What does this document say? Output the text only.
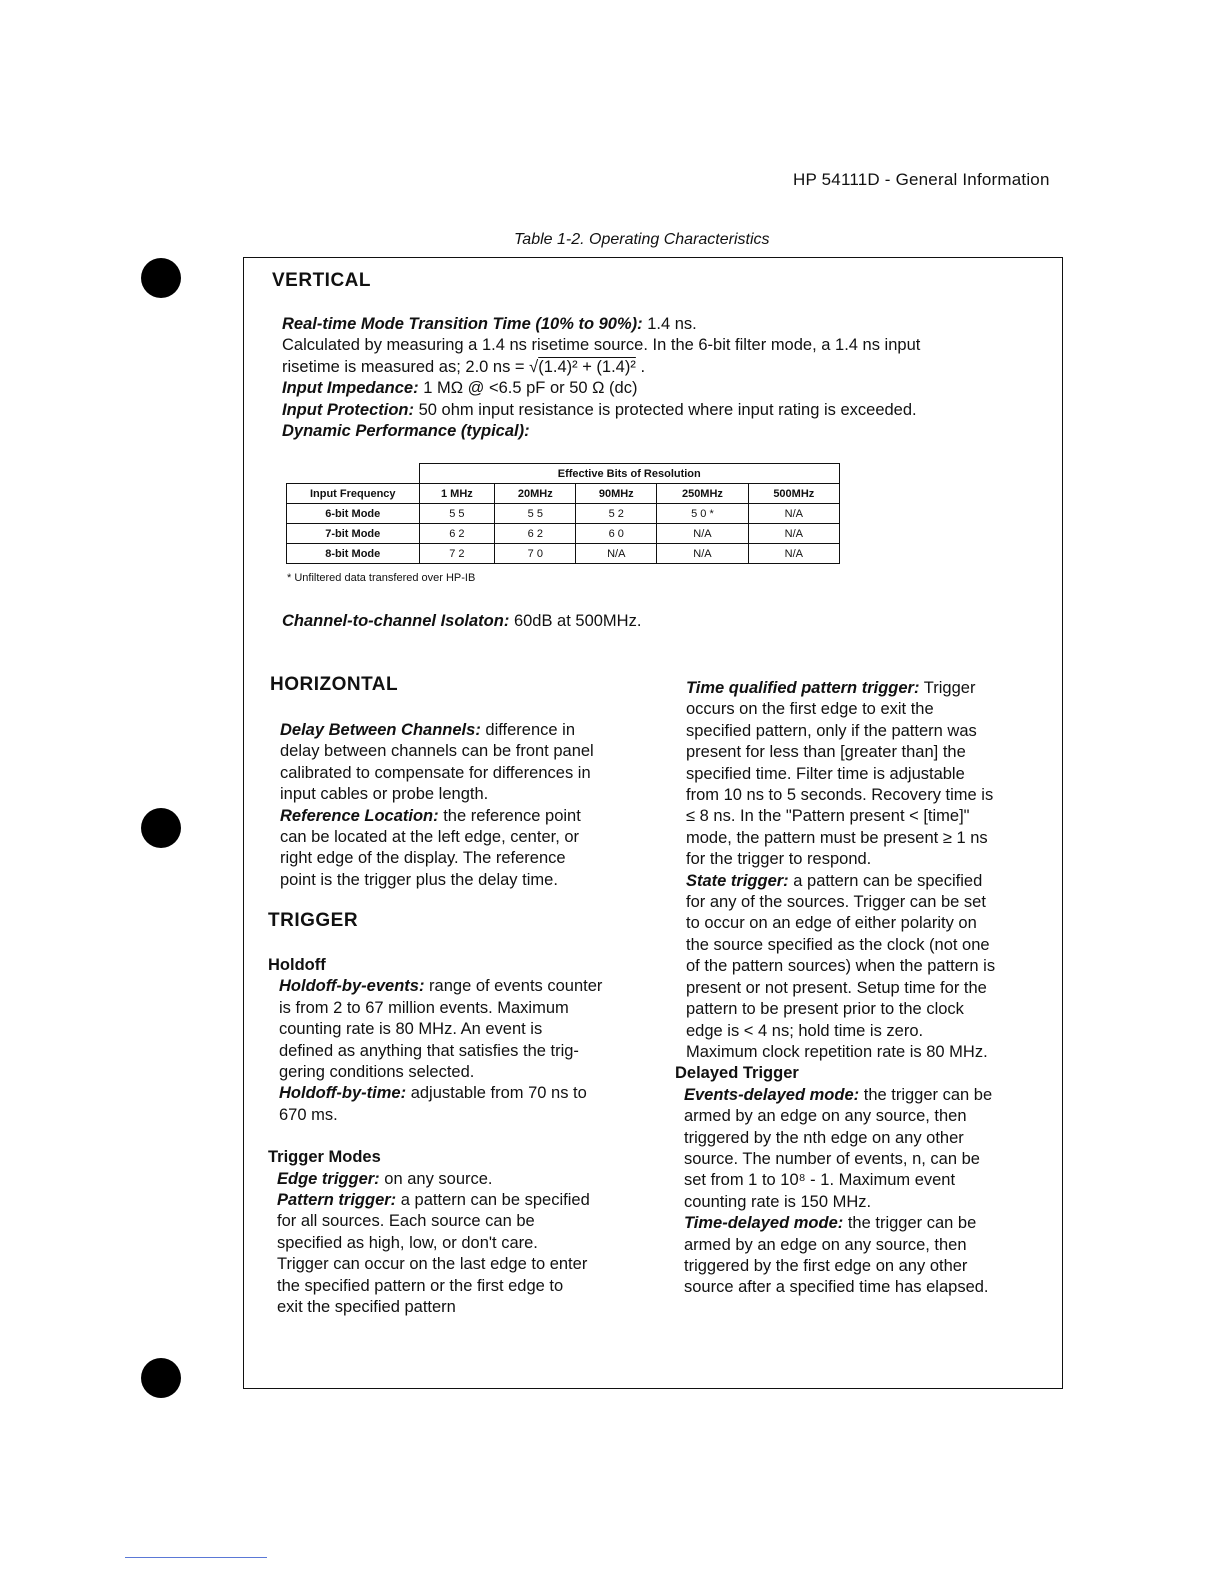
HP 54111D - General Information
Table 1-2. Operating Characteristics
VERTICAL

Real-time Mode Transition Time (10% to 90%): 1.4 ns.

Calculated by measuring a 1.4 ns risetime source. In the 6-bit filter mode, a 1.4 ns input

risetime is measured as; 2.0 ns = √(1.4)² + (1.4)² .

Input Impedance: 1 MΩ @ <6.5 pF or 50 Ω (dc)

Input Protection: 50 ohm input resistance is protected where input rating is exceeded.

Dynamic Performance (typical):

	Effective Bits of Resolution				
Input Frequency	1 MHz	20MHz	90MHz	250MHz	500MHz
6-bit Mode	5 5	5 5	5 2	5 0 *	N/A
7-bit Mode	6 2	6 2	6 0	N/A	N/A
8-bit Mode	7 2	7 0	N/A	N/A	N/A
* Unfiltered data transfered over HP-IB
Channel-to-channel Isolaton: 60dB at 500MHz.
HORIZONTAL

Delay Between Channels: difference in

delay between channels can be front panel

calibrated to compensate for differences in

input cables or probe length.

Reference Location: the reference point

can be located at the left edge, center, or

right edge of the display. The reference

point is the trigger plus the delay time.

TRIGGER

Holdoff

Holdoff-by-events: range of events counter

is from 2 to 67 million events. Maximum

counting rate is 80 MHz. An event is

defined as anything that satisfies the trig-

gering conditions selected.

Holdoff-by-time: adjustable from 70 ns to

670 ms.

Trigger Modes

Edge trigger: on any source.

Pattern trigger: a pattern can be specified

for all sources. Each source can be

specified as high, low, or don't care.

Trigger can occur on the last edge to enter

the specified pattern or the first edge to

exit the specified pattern

Time qualified pattern trigger: Trigger

occurs on the first edge to exit the

specified pattern, only if the pattern was

present for less than [greater than] the

specified time. Filter time is adjustable

from 10 ns to 5 seconds. Recovery time is

≤ 8 ns. In the "Pattern present < [time]"

mode, the pattern must be present ≥ 1 ns

for the trigger to respond.

State trigger: a pattern can be specified

for any of the sources. Trigger can be set

to occur on an edge of either polarity on

the source specified as the clock (not one

of the pattern sources) when the pattern is

present or not present. Setup time for the

pattern to be present prior to the clock

edge is < 4 ns; hold time is zero.

Maximum clock repetition rate is 80 MHz.

Delayed Trigger

Events-delayed mode: the trigger can be

armed by an edge on any source, then

triggered by the nth edge on any other

source. The number of events, n, can be

set from 1 to 10⁸ - 1. Maximum event

counting rate is 150 MHz.

Time-delayed mode: the trigger can be

armed by an edge on any source, then

triggered by the first edge on any other

source after a specified time has elapsed.
